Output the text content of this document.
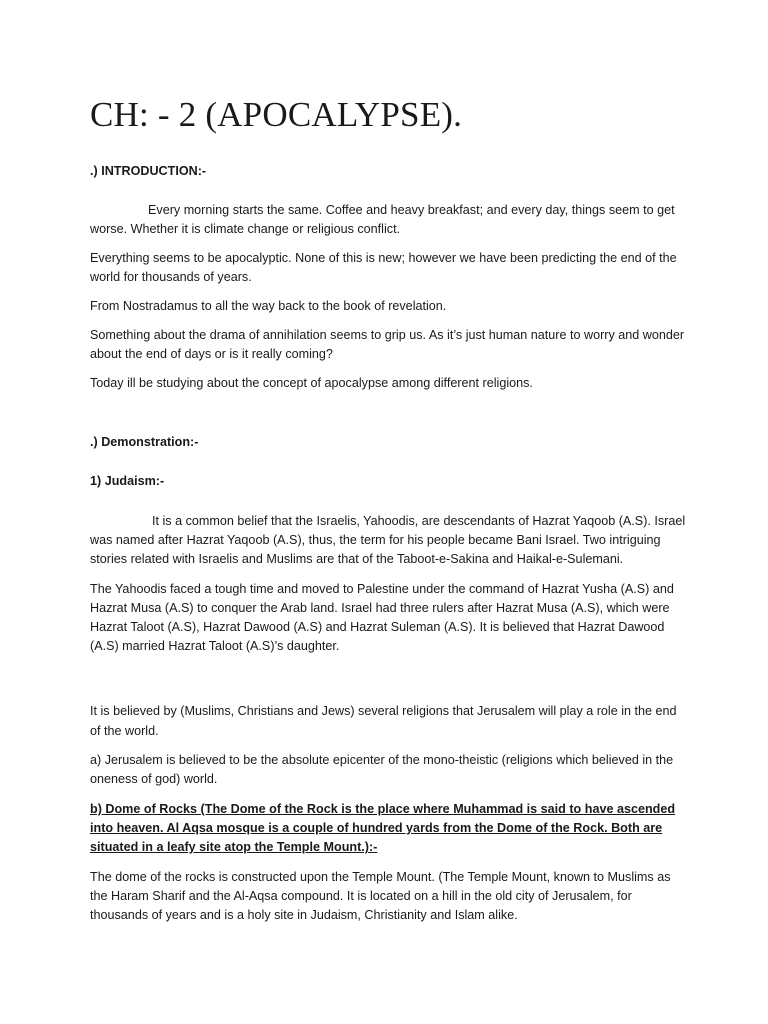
CH: - 2 (APOCALYPSE).

.) INTRODUCTION:-

Every morning starts the same. Coffee and heavy breakfast; and every day, things seem to get worse. Whether it is climate change or religious conflict.

Everything seems to be apocalyptic. None of this is new; however we have been predicting the end of the world for thousands of years.

From Nostradamus to all the way back to the book of revelation.

Something about the drama of annihilation seems to grip us. As it’s just human nature to worry and wonder about the end of days or is it really coming?

Today ill be studying about the concept of apocalypse among different religions.

.) Demonstration:-

1) Judaism:-

It is a common belief that the Israelis, Yahoodis, are descendants of Hazrat Yaqoob (A.S). Israel was named after Hazrat Yaqoob (A.S), thus, the term for his people became Bani Israel. Two intriguing stories related with Israelis and Muslims are that of the Taboot-e-Sakina and Haikal-e-Sulemani.

The Yahoodis faced a tough time and moved to Palestine under the command of Hazrat Yusha (A.S) and Hazrat Musa (A.S) to conquer the Arab land. Israel had three rulers after Hazrat Musa (A.S), which were Hazrat Taloot (A.S), Hazrat Dawood (A.S) and Hazrat Suleman (A.S). It is believed that Hazrat Dawood (A.S) married Hazrat Taloot (A.S)’s daughter.

It is believed by (Muslims, Christians and Jews) several religions that Jerusalem will play a role in the end of the world.

a) Jerusalem is believed to be the absolute epicenter of the mono-theistic (religions which believed in the oneness of god) world.

b) Dome of Rocks (The Dome of the Rock is the place where Muhammad is said to have ascended into heaven. Al Aqsa mosque is a couple of hundred yards from the Dome of the Rock. Both are situated in a leafy site atop the Temple Mount.):-

The dome of the rocks is constructed upon the Temple Mount. (The Temple Mount, known to Muslims as the Haram Sharif and the Al-Aqsa compound. It is located on a hill in the old city of Jerusalem, for thousands of years and is a holy site in Judaism, Christianity and Islam alike.
